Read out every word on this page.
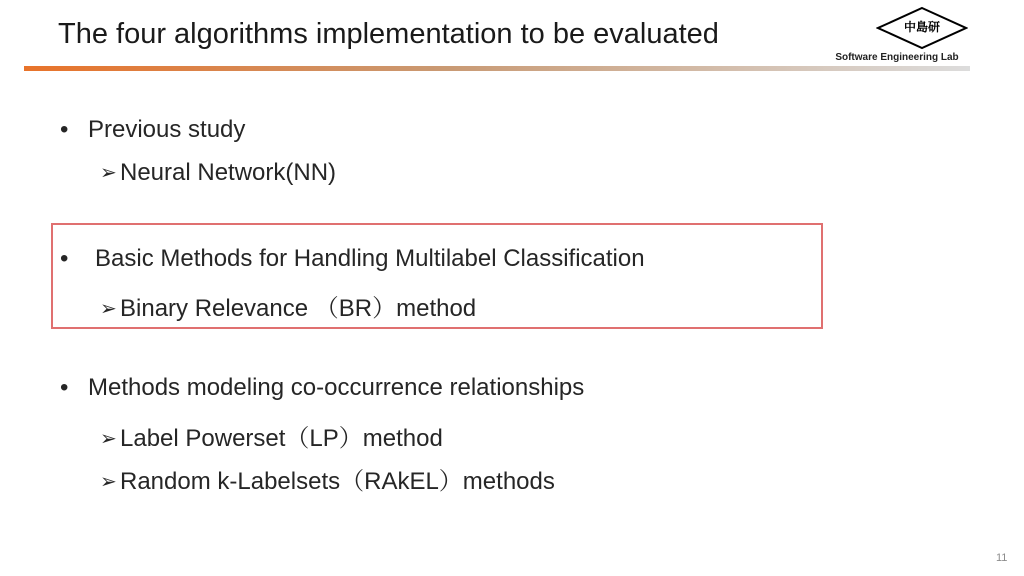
The four algorithms implementation to be evaluated	中島研
Software Engineering Lab
• Previous study
➢ Neural Network(NN)
• Basic Methods for Handling Multilabel Classification
➢ Binary Relevance （BR）method
• Methods modeling co-occurrence relationships
➢ Label Powerset（LP）method
➢ Random k-Labelsets（RAkEL）methods
11
